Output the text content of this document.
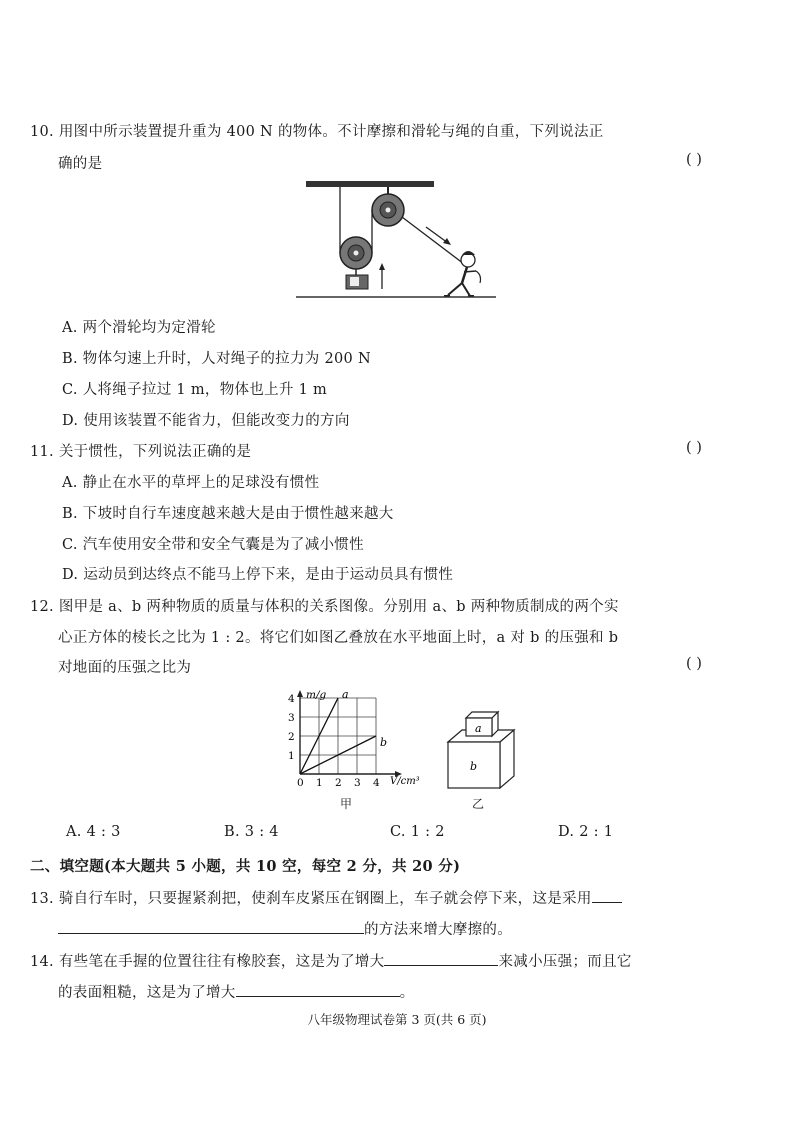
10. 用图中所示装置提升重为 400 N 的物体。不计摩擦和滑轮与绳的自重，下列说法正
确的是	( )
A. 两个滑轮均为定滑轮
B. 物体匀速上升时，人对绳子的拉力为 200 N
C. 人将绳子拉过 1 m，物体也上升 1 m
D. 使用该装置不能省力，但能改变力的方向
11. 关于惯性，下列说法正确的是	( )
A. 静止在水平的草坪上的足球没有惯性
B. 下坡时自行车速度越来越大是由于惯性越来越大
C. 汽车使用安全带和安全气囊是为了减小惯性
D. 运动员到达终点不能马上停下来，是由于运动员具有惯性
12. 图甲是 a、b 两种物质的质量与体积的关系图像。分别用 a、b 两种物质制成的两个实
心正方体的棱长之比为 1 : 2。将它们如图乙叠放在水平地面上时，a 对 b 的压强和 b
对地面的压强之比为	( )
0 1 2 3 4
1
2
3
4	a
b
m/g
V/cm³
甲
a
b
乙
A. 4 : 3	B. 3 : 4	C. 1 : 2	D. 2 : 1
二、填空题(本大题共 5 小题，共 10 空，每空 2 分，共 20 分)
13. 骑自行车时，只要握紧刹把，使刹车皮紧压在钢圈上，车子就会停下来，这是采用
的方法来增大摩擦的。
14. 有些笔在手握的位置往往有橡胶套，这是为了增大	来减小压强；而且它
的表面粗糙，这是为了增大	。
八年级物理试卷第 3 页(共 6 页)
